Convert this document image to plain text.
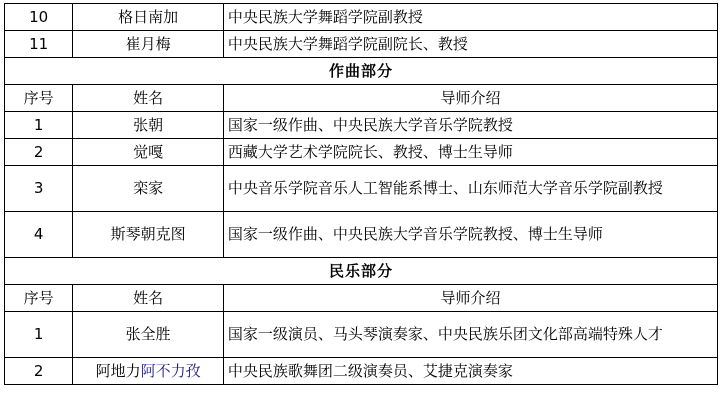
10	格日南加	中央民族大学舞蹈学院副教授
11	崔月梅	中央民族大学舞蹈学院副院长、教授
作曲部分		
序号	姓名	导师介绍
1	张朝	国家一级作曲、中央民族大学音乐学院教授
2	觉嘎	西藏大学艺术学院院长、教授、博士生导师
3	栾家	中央音乐学院音乐人工智能系博士、山东师范大学音乐学院副教授
4	斯琴朝克图	国家一级作曲、中央民族大学音乐学院教授、博士生导师
民乐部分		
序号	姓名	导师介绍
1	张全胜	国家一级演员、马头琴演奏家、中央民族乐团文化部高端特殊人才
2	阿地力阿不力孜	中央民族歌舞团二级演奏员、艾捷克演奏家
